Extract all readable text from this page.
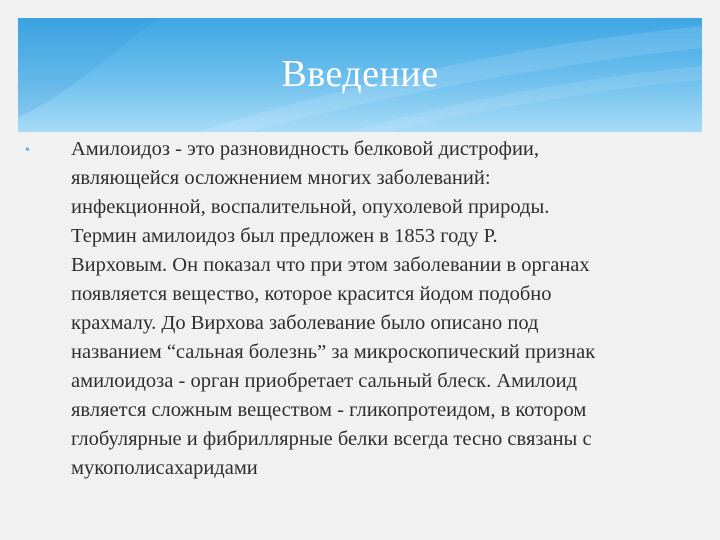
Введение
• Амилоидоз - это разновидность белковой дистрофии,
являющейся осложнением многих заболеваний:
инфекционной, воспалительной, опухолевой природы.
Термин амилоидоз был предложен в 1853 году Р.
Вирховым. Он показал что при этом заболевании в органах
появляется вещество, которое красится йодом подобно
крахмалу. До Вирхова заболевание было описано под
названием “сальная болезнь” за микроскопический признак
амилоидоза - орган приобретает сальный блеск. Амилоид
является сложным веществом - гликопротеидом, в котором
глобулярные и фибриллярные белки всегда тесно связаны с
мукополисахаридами
